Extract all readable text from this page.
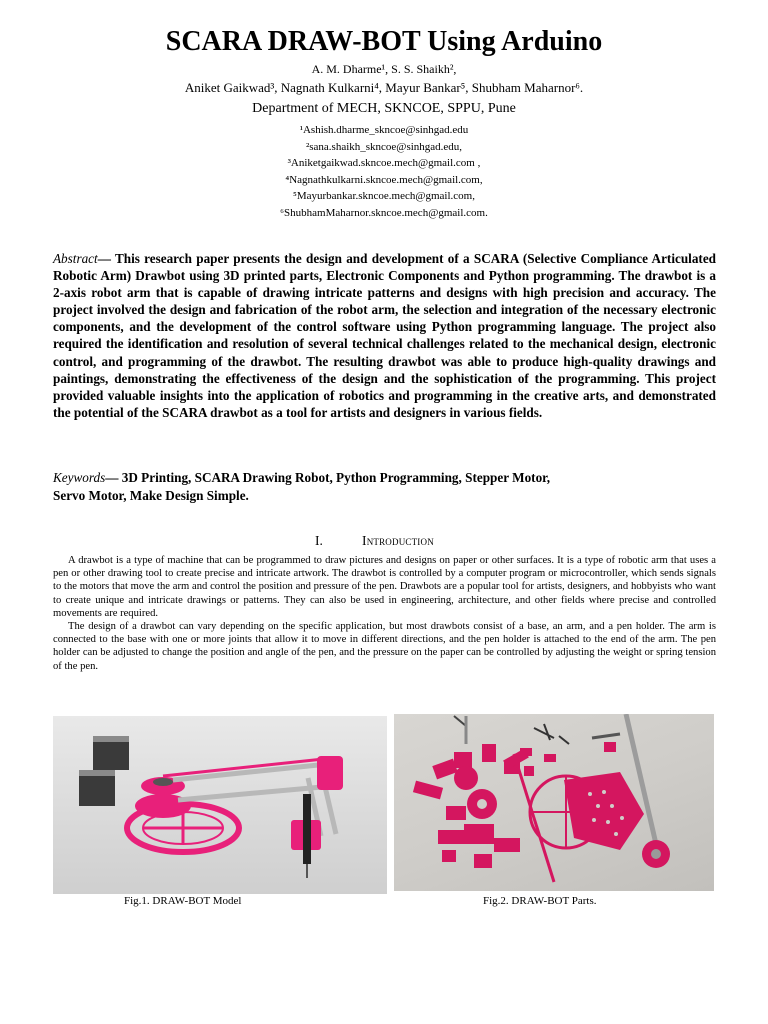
SCARA DRAW-BOT Using Arduino
A. M. Dharme¹, S. S. Shaikh²,
Aniket Gaikwad³, Nagnath Kulkarni⁴, Mayur Bankar⁵, Shubham Maharnor⁶.
Department of MECH, SKNCOE, SPPU, Pune
¹Ashish.dharme_skncoe@sinhgad.edu
²sana.shaikh_skncoe@sinhgad.edu,
³Aniketgaikwad.skncoe.mech@gmail.com ,
⁴Nagnathkulkarni.skncoe.mech@gmail.com,
⁵Mayurbankar.skncoe.mech@gmail.com,
⁶ShubhamMaharnor.skncoe.mech@gmail.com.
Abstract— This research paper presents the design and development of a SCARA (Selective Compliance Articulated Robotic Arm) Drawbot using 3D printed parts, Electronic Components and Python programming. The drawbot is a 2-axis robot arm that is capable of drawing intricate patterns and designs with high precision and accuracy. The project involved the design and fabrication of the robot arm, the selection and integration of the necessary electronic components, and the development of the control software using Python programming language. The project also required the identification and resolution of several technical challenges related to the mechanical design, electronic control, and programming of the drawbot. The resulting drawbot was able to produce high-quality drawings and paintings, demonstrating the effectiveness of the design and the sophistication of the programming. This project provided valuable insights into the application of robotics and programming in the creative arts, and demonstrated the potential of the SCARA drawbot as a tool for artists and designers in various fields.
Keywords— 3D Printing, SCARA Drawing Robot, Python Programming, Stepper Motor,
Servo Motor, Make Design Simple.
I.	Introduction

A drawbot is a type of machine that can be programmed to draw pictures and designs on paper or other surfaces. It is a type of robotic arm that uses a pen or other drawing tool to create precise and intricate artwork. The drawbot is controlled by a computer program or microcontroller, which sends signals to the motors that move the arm and control the position and pressure of the pen. Drawbots are a popular tool for artists, designers, and hobbyists who want to create unique and intricate drawings or patterns. They can also be used in engineering, architecture, and other fields where precise and controlled movements are required.

The design of a drawbot can vary depending on the specific application, but most drawbots consist of a base, an arm, and a pen holder. The arm is connected to the base with one or more joints that allow it to move in different directions, and the pen holder is attached to the end of the arm. The pen holder can be adjusted to change the position and angle of the pen, and the pressure on the paper can be controlled by adjusting the weight or spring tension of the pen.

Fig.1. DRAW-BOT Model	Fig.2. DRAW-BOT Parts.
